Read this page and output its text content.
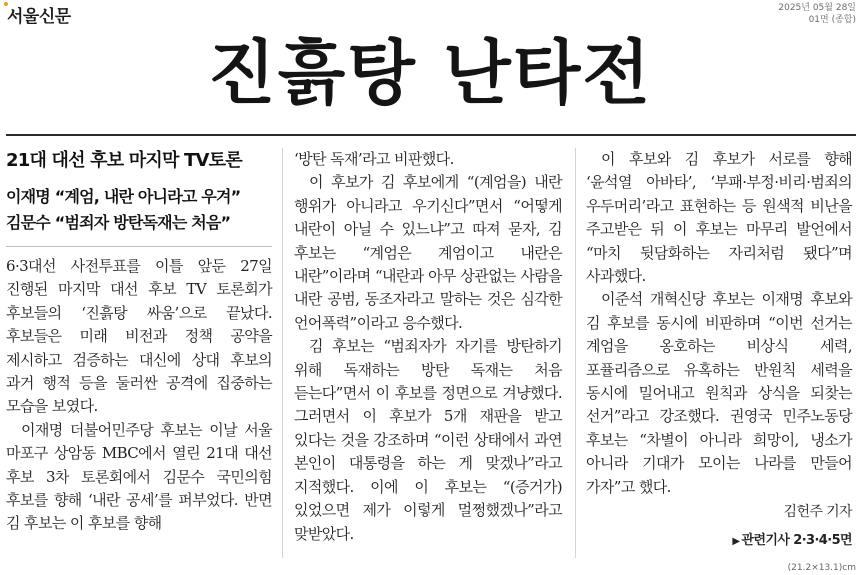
서울신문	2025년 05월 28일
01면 (종합)
진흙탕 난타전
21대 대선 후보 마지막 TV토론
이재명 “계엄, 내란 아니라고 우겨”
김문수 “범죄자 방탄독재는 처음”

6·3대선 사전투표를 이틀 앞둔 27일 진행된 마지막 대선 후보 TV 토론회가 후보들의 ‘진흙탕 싸움’으로 끝났다. 후보들은 미래 비전과 정책 공약을 제시하고 검증하는 대신에 상대 후보의 과거 행적 등을 둘러싼 공격에 집중하는 모습을 보였다.

이재명 더불어민주당 후보는 이날 서울 마포구 상암동 MBC에서 열린 21대 대선 후보 3차 토론회에서 김문수 국민의힘 후보를 향해 ‘내란 공세’를 퍼부었다. 반면 김 후보는 이 후보를 향해

‘방탄 독재’라고 비판했다.

이 후보가 김 후보에게 “(계엄을) 내란 행위가 아니라고 우기신다”면서 “어떻게 내란이 아닐 수 있느냐”고 따져 묻자, 김 후보는 “계엄은 계엄이고 내란은 내란”이라며 “내란과 아무 상관없는 사람을 내란 공범, 동조자라고 말하는 것은 심각한 언어폭력”이라고 응수했다.

김 후보는 “범죄자가 자기를 방탄하기 위해 독재하는 방탄 독재는 처음 듣는다”면서 이 후보를 정면으로 겨냥했다. 그러면서 이 후보가 5개 재판을 받고 있다는 것을 강조하며 “이런 상태에서 과연 본인이 대통령을 하는 게 맞겠나”라고 지적했다. 이에 이 후보는 “(증거가) 있었으면 제가 이렇게 멀쩡했겠나”라고 맞받았다.

이 후보와 김 후보가 서로를 향해 ‘윤석열 아바타’, ‘부패·부정·비리·범죄의 우두머리’라고 표현하는 등 원색적 비난을 주고받은 뒤 이 후보는 마무리 발언에서 “마치 뒷담화하는 자리처럼 됐다”며 사과했다.

이준석 개혁신당 후보는 이재명 후보와 김 후보를 동시에 비판하며 “이번 선거는 계엄을 옹호하는 비상식 세력, 포퓰리즘으로 유혹하는 반원칙 세력을 동시에 밀어내고 원칙과 상식을 되찾는 선거”라고 강조했다. 권영국 민주노동당 후보는 “차별이 아니라 희망이, 냉소가 아니라 기대가 모이는 나라를 만들어 가자”고 했다.

김헌주 기자
▶ 관련기사 2·3·4·5면
(21.2×13.1)cm
